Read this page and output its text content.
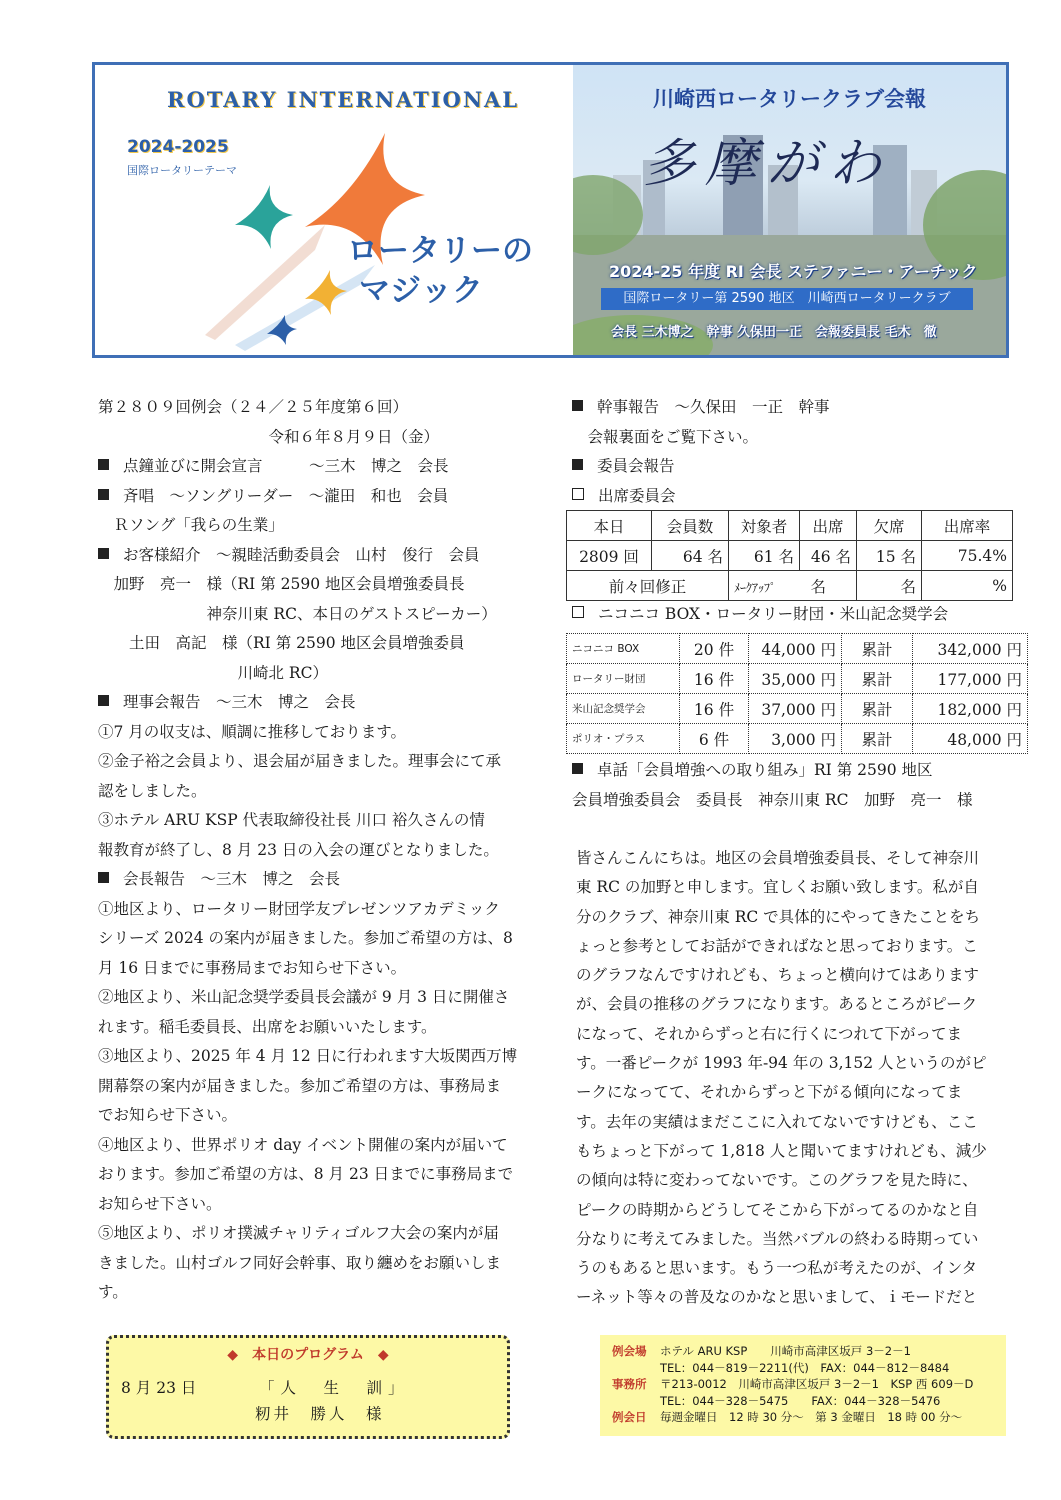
ROTARY INTERNATIONAL
2024-2025
国際ロータリーテーマ
ロータリーの
マジック
川崎西ロータリークラブ会報
多摩がわ
2024-25 年度 RI 会長 ステファニー・アーチック
国際ロータリー第 2590 地区　川崎西ロータリークラブ
会長 三木博之　幹事 久保田一正　会報委員長 毛木　徹

第２８０９回例会（２４／２５年度第６回）

　　　　　　　　　　　令和６年８月９日（金）

点鐘並びに開会宣言　　　～三木　博之　会長

斉唱　～ソングリーダー　～瀧田　和也　会員

　Ｒソング「我らの生業」

お客様紹介　～親睦活動委員会　山村　俊行　会員

　加野　亮一　様（RI 第 2590 地区会員増強委員長

　　　　　　　神奈川東 RC、本日のゲストスピーカー）

　　土田　高記　様（RI 第 2590 地区会員増強委員

　　　　　　　　　川崎北 RC）

理事会報告　～三木　博之　会長

①7 月の収支は、順調に推移しております。

②金子裕之会員より、退会届が届きました。理事会にて承

認をしました。

③ホテル ARU KSP 代表取締役社長 川口 裕久さんの情

報教育が終了し、8 月 23 日の入会の運びとなりました。

会長報告　～三木　博之　会長

①地区より、ロータリー財団学友プレゼンツアカデミック

シリーズ 2024 の案内が届きました。参加ご希望の方は、8

月 16 日までに事務局までお知らせ下さい。

②地区より、米山記念奨学委員長会議が 9 月 3 日に開催さ

れます。稲毛委員長、出席をお願いいたします。

③地区より、2025 年 4 月 12 日に行われます大坂関西万博

開幕祭の案内が届きました。参加ご希望の方は、事務局ま

でお知らせ下さい。

④地区より、世界ポリオ day イベント開催の案内が届いて

おります。参加ご希望の方は、8 月 23 日までに事務局まで

お知らせ下さい。

⑤地区より、ポリオ撲滅チャリティゴルフ大会の案内が届

きました。山村ゴルフ同好会幹事、取り纏めをお願いしま

す。

幹事報告　～久保田　一正　幹事

　会報裏面をご覧下さい。

委員会報告

出席委員会

本日	会員数	対象者	出席	欠席	出席率
2809 回	64 名	61 名	46 名	15 名	75.4%
前々回修正		ﾒｰｸｱｯﾌﾟ 名		名	%
ニコニコ BOX・ロータリー財団・米山記念奨学会
ニコニコ BOX	20 件	44,000 円	累計	342,000 円
ロータリー財団	16 件	35,000 円	累計	177,000 円
米山記念奨学会	16 件	37,000 円	累計	182,000 円
ポリオ・プラス	6 件	3,000 円	累計	48,000 円

卓話「会員増強への取り組み」RI 第 2590 地区

会員増強委員会　委員長　神奈川東 RC　加野　亮一　様

皆さんこんにちは。地区の会員増強委員長、そして神奈川

東 RC の加野と申します。宜しくお願い致します。私が自

分のクラブ、神奈川東 RC で具体的にやってきたことをち

ょっと参考としてお話ができればなと思っております。こ

のグラフなんですけれども、ちょっと横向けてはあります

が、会員の推移のグラフになります。あるところがピーク

になって、それからずっと右に行くにつれて下がってま

す。一番ピークが 1993 年-94 年の 3,152 人というのがピ

ークになってて、それからずっと下がる傾向になってま

す。去年の実績はまだここに入れてないですけども、ここ

もちょっと下がって 1,818 人と聞いてますけれども、減少

の傾向は特に変わってないです。このグラフを見た時に、

ピークの時期からどうしてそこから下がってるのかなと自

分なりに考えてみました。当然バブルの終わる時期ってい

うのもあると思います。もう一つ私が考えたのが、インタ

ーネット等々の普及なのかなと思いまして、ｉモードだと

◆　本日のプログラム　◆
8 月 23 日	「人　生　訓」
籾井　勝人　様
例会場 ホテル ARU KSP　　川崎市高津区坂戸 3－2－1
TEL：044－819－2211(代)　FAX：044－812－8484
事務所 〒213-0012　川崎市高津区坂戸 3－2－1　KSP 西 609－D
TEL：044－328－5475　　FAX：044－328－5476
例会日 毎週金曜日　12 時 30 分～　第 3 金曜日　18 時 00 分～
